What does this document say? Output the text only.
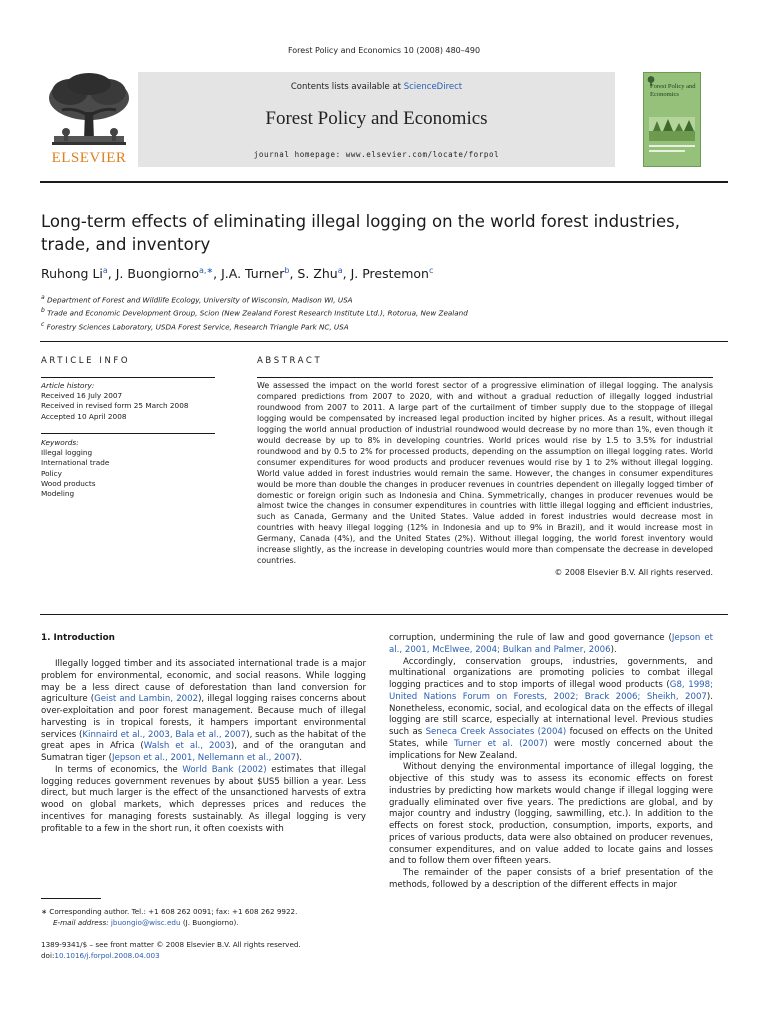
Forest Policy and Economics 10 (2008) 480–490
ELSEVIER
Contents lists available at ScienceDirect
Forest Policy and Economics
journal homepage: www.elsevier.com/locate/forpol
Forest Policy and Economics
Long-term effects of eliminating illegal logging on the world forest industries, trade, and inventory
Ruhong Li$^a$, J. Buongiorno$^{a,∗}$, J.A. Turner$^b$, S. Zhu$^a$, J. Prestemon$^c$
$^a$ Department of Forest and Wildlife Ecology, University of Wisconsin, Madison WI, USA
$^b$ Trade and Economic Development Group, Scion (New Zealand Forest Research Institute Ltd.), Rotorua, New Zealand
$^c$ Forestry Sciences Laboratory, USDA Forest Service, Research Triangle Park NC, USA
ARTICLE INFO
Article history:
Received 16 July 2007
Received in revised form 25 March 2008
Accepted 10 April 2008
Keywords:
Illegal logging
International trade
Policy
Wood products
Modeling
ABSTRACT
We assessed the impact on the world forest sector of a progressive elimination of illegal logging. The analysis compared predictions from 2007 to 2020, with and without a gradual reduction of illegally logged industrial roundwood from 2007 to 2011. A large part of the curtailment of timber supply due to the stoppage of illegal logging would be compensated by increased legal production incited by higher prices. As a result, without illegal logging the world annual production of industrial roundwood would decrease by no more than 1%, even though it would decrease by up to 8% in developing countries. World prices would rise by 1.5 to 3.5% for industrial roundwood and by 0.5 to 2% for processed products, depending on the assumption on illegal logging rates. World consumer expenditures for wood products and producer revenues would rise by 1 to 2% without illegal logging. World value added in forest industries would remain the same. However, the changes in consumer expenditures would be more than double the changes in producer revenues in countries dependent on illegally logged timber of domestic or foreign origin such as Indonesia and China. Symmetrically, changes in producer revenues would be almost twice the changes in consumer expenditures in countries with little illegal logging and efficient industries, such as Canada, Germany and the United States. Value added in forest industries would decrease most in countries with heavy illegal logging (12% in Indonesia and up to 9% in Brazil), and it would increase most in Germany, Canada (4%), and the United States (2%). Without illegal logging, the world forest inventory would increase slightly, as the increase in developing countries would more than compensate the decrease in developed countries.
© 2008 Elsevier B.V. All rights reserved.
1. Introduction

Illegally logged timber and its associated international trade is a major problem for environmental, economic, and social reasons. While logging may be a less direct cause of deforestation than land conversion for agriculture (Geist and Lambin, 2002), illegal logging raises concerns about over-exploitation and poor forest management. Because much of illegal harvesting is in tropical forests, it hampers important environmental services (Kinnaird et al., 2003, Bala et al., 2007), such as the habitat of the great apes in Africa (Walsh et al., 2003), and of the orangutan and Sumatran tiger (Jepson et al., 2001, Nellemann et al., 2007).

In terms of economics, the World Bank (2002) estimates that illegal logging reduces government revenues by about $US5 billion a year. Less direct, but much larger is the effect of the unsanctioned harvests of extra wood on global markets, which depresses prices and reduces the incentives for managing forests sustainably. As illegal logging is very profitable to a few in the short run, it often coexists with

∗ Corresponding author. Tel.: +1 608 262 0091; fax: +1 608 262 9922.
E-mail address: jbuongio@wisc.edu (J. Buongiorno).
1389-9341/$ – see front matter © 2008 Elsevier B.V. All rights reserved.
doi:10.1016/j.forpol.2008.04.003

corruption, undermining the rule of law and good governance (Jepson et al., 2001, McElwee, 2004; Bulkan and Palmer, 2006).

Accordingly, conservation groups, industries, governments, and multinational organizations are promoting policies to combat illegal logging practices and to stop imports of illegal wood products (G8, 1998; United Nations Forum on Forests, 2002; Brack 2006; Sheikh, 2007). Nonetheless, economic, social, and ecological data on the effects of illegal logging are still scarce, especially at international level. Previous studies such as Seneca Creek Associates (2004) focused on effects on the United States, while Turner et al. (2007) were mostly concerned about the implications for New Zealand.

Without denying the environmental importance of illegal logging, the objective of this study was to assess its economic effects on forest industries by predicting how markets would change if illegal logging were gradually eliminated over five years. The predictions are global, and by major country and industry (logging, sawmilling, etc.). In addition to the effects on forest stock, production, consumption, imports, exports, and prices of various products, data were also obtained on producer revenues, consumer expenditures, and on value added to locate gains and losses and to follow them over fifteen years.

The remainder of the paper consists of a brief presentation of the methods, followed by a description of the different effects in major
